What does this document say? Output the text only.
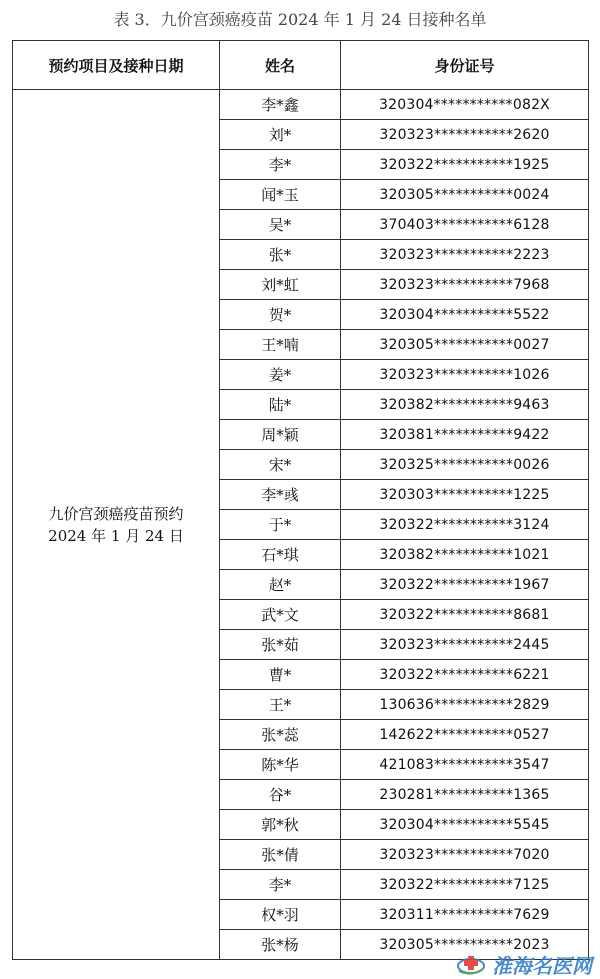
表 3．九价宫颈癌疫苗 2024 年 1 月 24 日接种名单
预约项目及接种日期	姓名	身份证号

九价宫颈癌疫苗预约
2024 年 1 月 24 日	李*鑫	320304***********082X
	刘*	320323***********2620
	李*	320322***********1925
	闻*玉	320305***********0024
	吴*	370403***********6128
	张*	320323***********2223
	刘*虹	320323***********7968
	贺*	320304***********5522
	王*喃	320305***********0027
	姜*	320323***********1026
	陆*	320382***********9463
	周*颖	320381***********9422
	宋*	320325***********0026
	李*彧	320303***********1225
	于*	320322***********3124
	石*琪	320382***********1021
	赵*	320322***********1967
	武*文	320322***********8681
	张*茹	320323***********2445
	曹*	320322***********6221
	王*	130636***********2829
	张*蕊	142622***********0527
	陈*华	421083***********3547
	谷*	230281***********1365
	郭*秋	320304***********5545
	张*倩	320323***********7020
	李*	320322***********7125
	权*羽	320311***********7629
	张*杨	320305***********2023
淮海名医网
